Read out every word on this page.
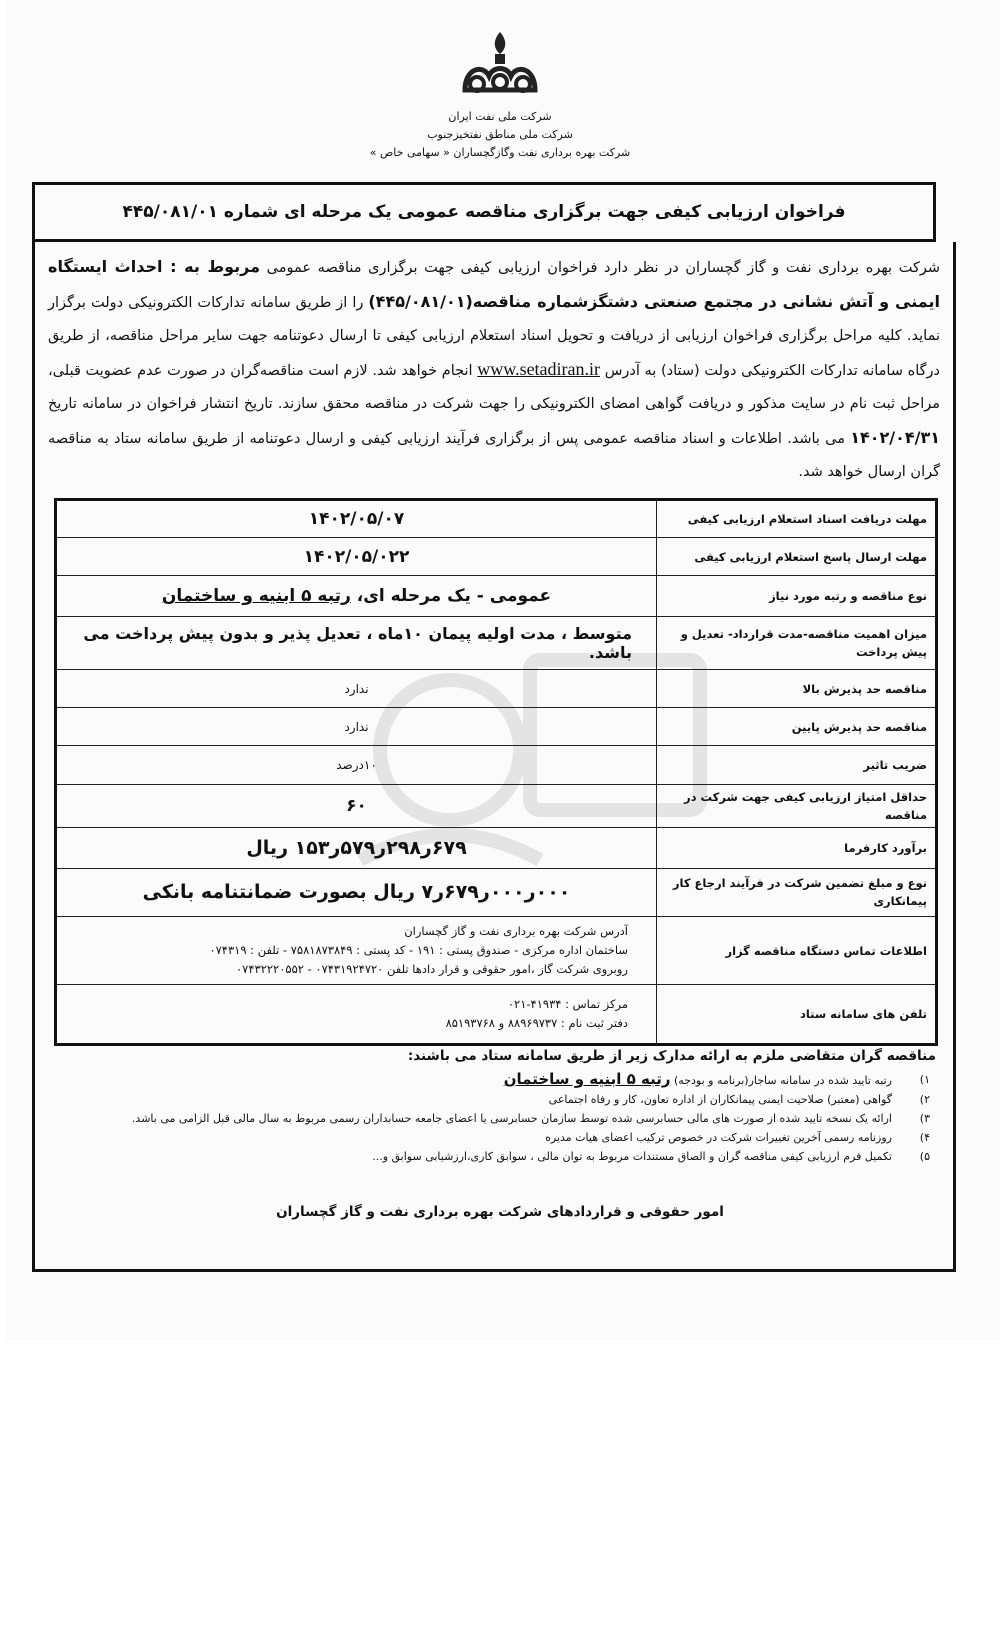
شرکت ملی نفت ایران
شرکت ملی مناطق نفتخیزجنوب
شرکت بهره برداری نفت وگازگچساران « سهامی خاص »
فراخوان ارزیابی کیفی جهت برگزاری مناقصه عمومی یک مرحله ای شماره ۴۴۵/۰۸۱/۰۱
شرکت بهره برداری نفت و گاز گچساران در نظر دارد فراخوان ارزیابی کیفی جهت برگزاری مناقصه عمومی مربوط به : احداث ایستگاه ایمنی و آتش نشانی در مجتمع صنعتی دشتگزشماره مناقصه(۴۴۵/۰۸۱/۰۱) را از طریق سامانه تدارکات الکترونیکی دولت برگزار نماید. کلیه مراحل برگزاری فراخوان ارزیابی از دریافت و تحویل اسناد استعلام ارزیابی کیفی تا ارسال دعوتنامه جهت سایر مراحل مناقصه، از طریق درگاه سامانه تدارکات الکترونیکی دولت (ستاد) به آدرس www.setadiran.ir انجام خواهد شد. لازم است مناقصه‌گران در صورت عدم عضویت قبلی، مراحل ثبت نام در سایت مذکور و دریافت گواهی امضای الکترونیکی را جهت شرکت در مناقصه محقق سازند. تاریخ انتشار فراخوان در سامانه تاریخ ۱۴۰۲/۰۴/۳۱ می باشد. اطلاعات و اسناد مناقصه عمومی پس از برگزاری فرآیند ارزیابی کیفی و ارسال دعوتنامه از طریق سامانه ستاد به مناقصه گران ارسال خواهد شد.
مهلت دریافت اسناد استعلام ارزیابی کیفی	۱۴۰۲/۰۵/۰۷
مهلت ارسال پاسخ استعلام ارزیابی کیفی	۱۴۰۲/۰۵/۰۲۲
نوع مناقصه و رتبه مورد نیاز	عمومی - یک مرحله ای، رتبه ۵ ابنیه و ساختمان
میزان اهمیت مناقصه-مدت قرارداد- تعدیل و پیش پرداخت	متوسط ، مدت اولیه پیمان ۱۰ماه ، تعدیل پذیر و بدون پیش پرداخت می باشد.
مناقصه حد پذیرش بالا	ندارد
مناقصه حد پذیرش پایین	ندارد
ضریب تاثیر	۱۰درصد
حداقل امتیاز ارزیابی کیفی جهت شرکت در مناقصه	۶۰
برآورد کارفرما	۶۷۹ر۲۹۸ر۵۷۹ر۱۵۳ ریال
نوع و مبلغ تضمین شرکت در فرآیند ارجاع کار پیمانکاری	۰۰۰ر۰۰۰ر۶۷۹ر۷ ریال بصورت ضمانتنامه بانکی
اطلاعات تماس دستگاه مناقصه گزار	آدرس شرکت بهره برداری نفت و گاز گچساران
ساختمان اداره مرکزی - صندوق پستی : ۱۹۱ - کد پستی : ۷۵۸۱۸۷۳۸۴۹ - تلفن : ۰۷۴۳۱۹
روبروی شرکت گاز ،امور حقوقی و قرار دادها تلفن ۰۷۴۳۱۹۲۴۷۲۰ - ۰۷۴۳۲۲۲۰۵۵۲

تلفن های سامانه ستاد	مرکز تماس : ۴۱۹۳۴-۰۲۱
دفتر ثبت نام : ۸۸۹۶۹۷۳۷ و ۸۵۱۹۳۷۶۸
مناقصه گران متقاضی ملزم به ارائه مدارک زیر از طریق سامانه ستاد می باشند:
۱)
رتبه تایید شده در سامانه ساجار(برنامه و بودجه) رتبه ۵ ابنیه و ساختمان
۲)
گواهی (معتبر) صلاحیت ایمنی پیمانکاران از اداره تعاون، کار و رفاه اجتماعی
۳)
ارائه یک نسخه تایید شده از صورت های مالی حسابرسی شده توسط سازمان حسابرسی یا اعضای جامعه حسابداران رسمی مربوط به سال مالی قبل الزامی می باشد.
۴)
روزنامه رسمی آخرین تغییرات شرکت در خصوص ترکیب اعضای هیات مدیره
۵)
تکمیل فرم ارزیابی کیفی مناقصه گران و الصاق مستندات مربوط به توان مالی ، سوابق کاری،ارزشیابی سوابق و...
امور حقوقی و قراردادهای شرکت بهره برداری نفت و گاز گچساران
